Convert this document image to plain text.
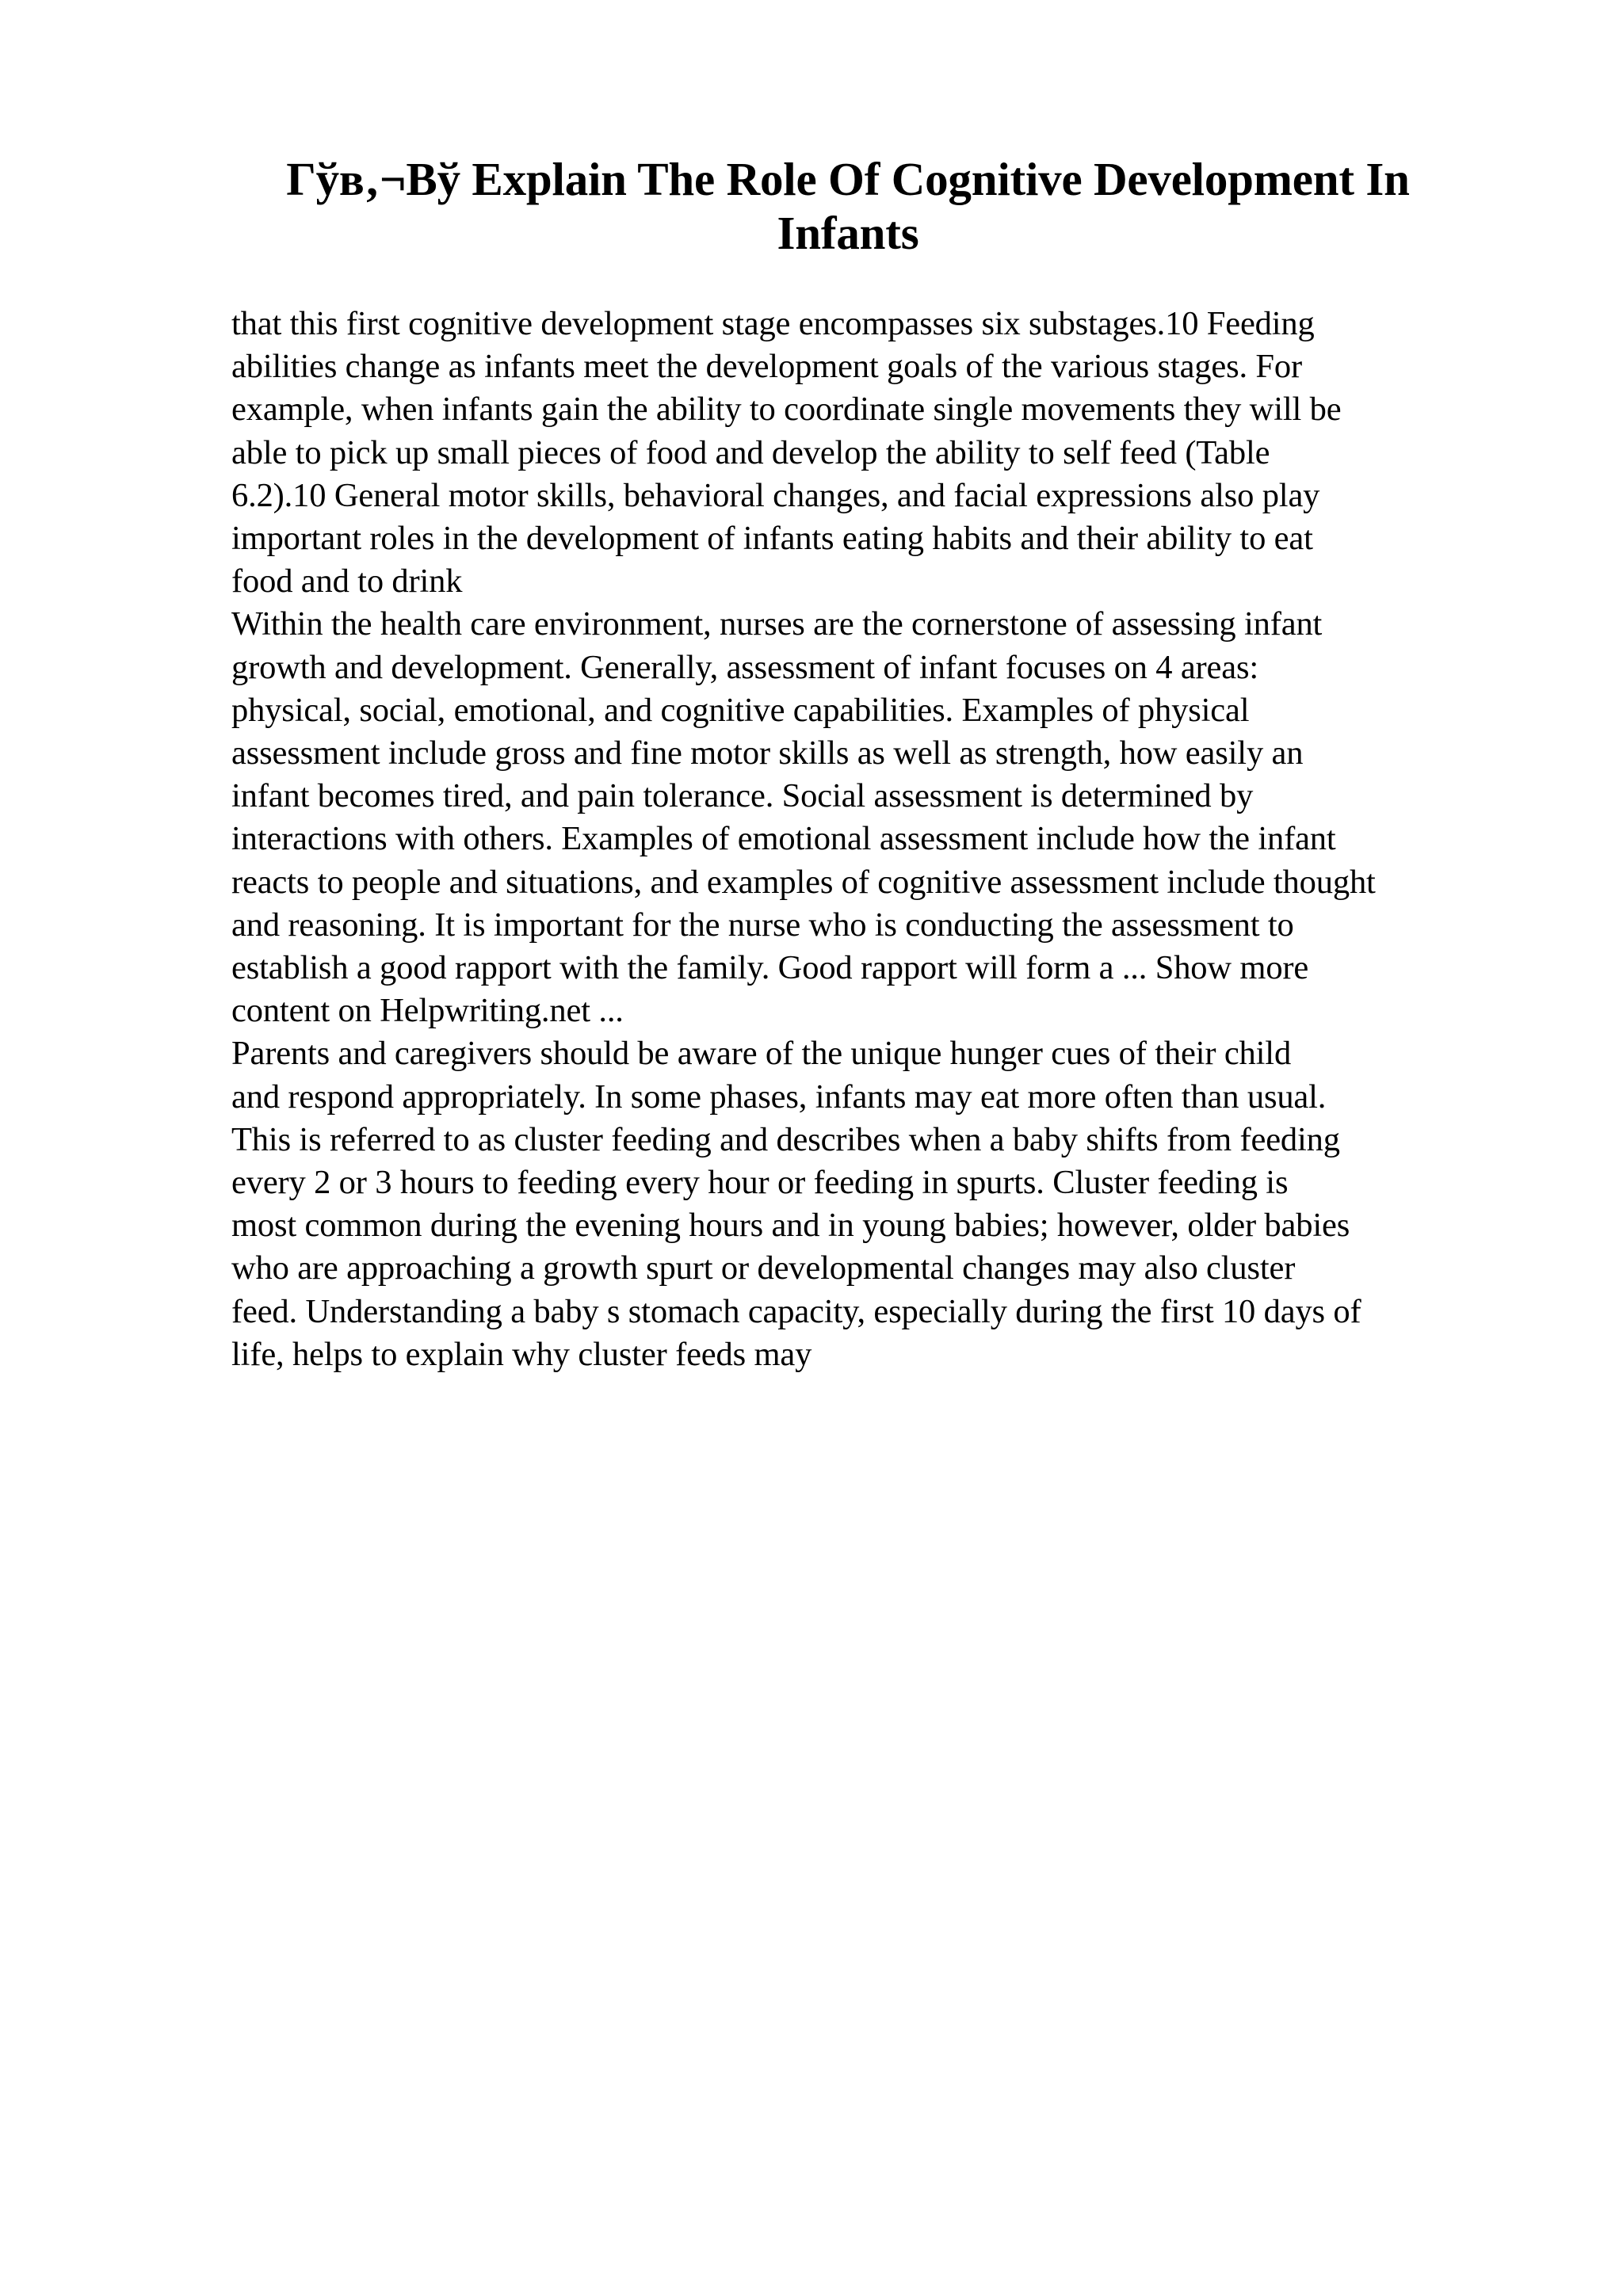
Гўв‚¬Вў Explain The Role Of Cognitive Development In Infants
that this first cognitive development stage encompasses six substages.10 Feeding
abilities change as infants meet the development goals of the various stages. For
example, when infants gain the ability to coordinate single movements they will be
able to pick up small pieces of food and develop the ability to self feed (Table
6.2).10 General motor skills, behavioral changes, and facial expressions also play
important roles in the development of infants eating habits and their ability to eat
food and to drink
Within the health care environment, nurses are the cornerstone of assessing infant
growth and development. Generally, assessment of infant focuses on 4 areas:
physical, social, emotional, and cognitive capabilities. Examples of physical
assessment include gross and fine motor skills as well as strength, how easily an
infant becomes tired, and pain tolerance. Social assessment is determined by
interactions with others. Examples of emotional assessment include how the infant
reacts to people and situations, and examples of cognitive assessment include thought
and reasoning. It is important for the nurse who is conducting the assessment to
establish a good rapport with the family. Good rapport will form a ... Show more
content on Helpwriting.net ...
Parents and caregivers should be aware of the unique hunger cues of their child
and respond appropriately. In some phases, infants may eat more often than usual.
This is referred to as cluster feeding and describes when a baby shifts from feeding
every 2 or 3 hours to feeding every hour or feeding in spurts. Cluster feeding is
most common during the evening hours and in young babies; however, older babies
who are approaching a growth spurt or developmental changes may also cluster
feed. Understanding a baby s stomach capacity, especially during the first 10 days of
life, helps to explain why cluster feeds may
